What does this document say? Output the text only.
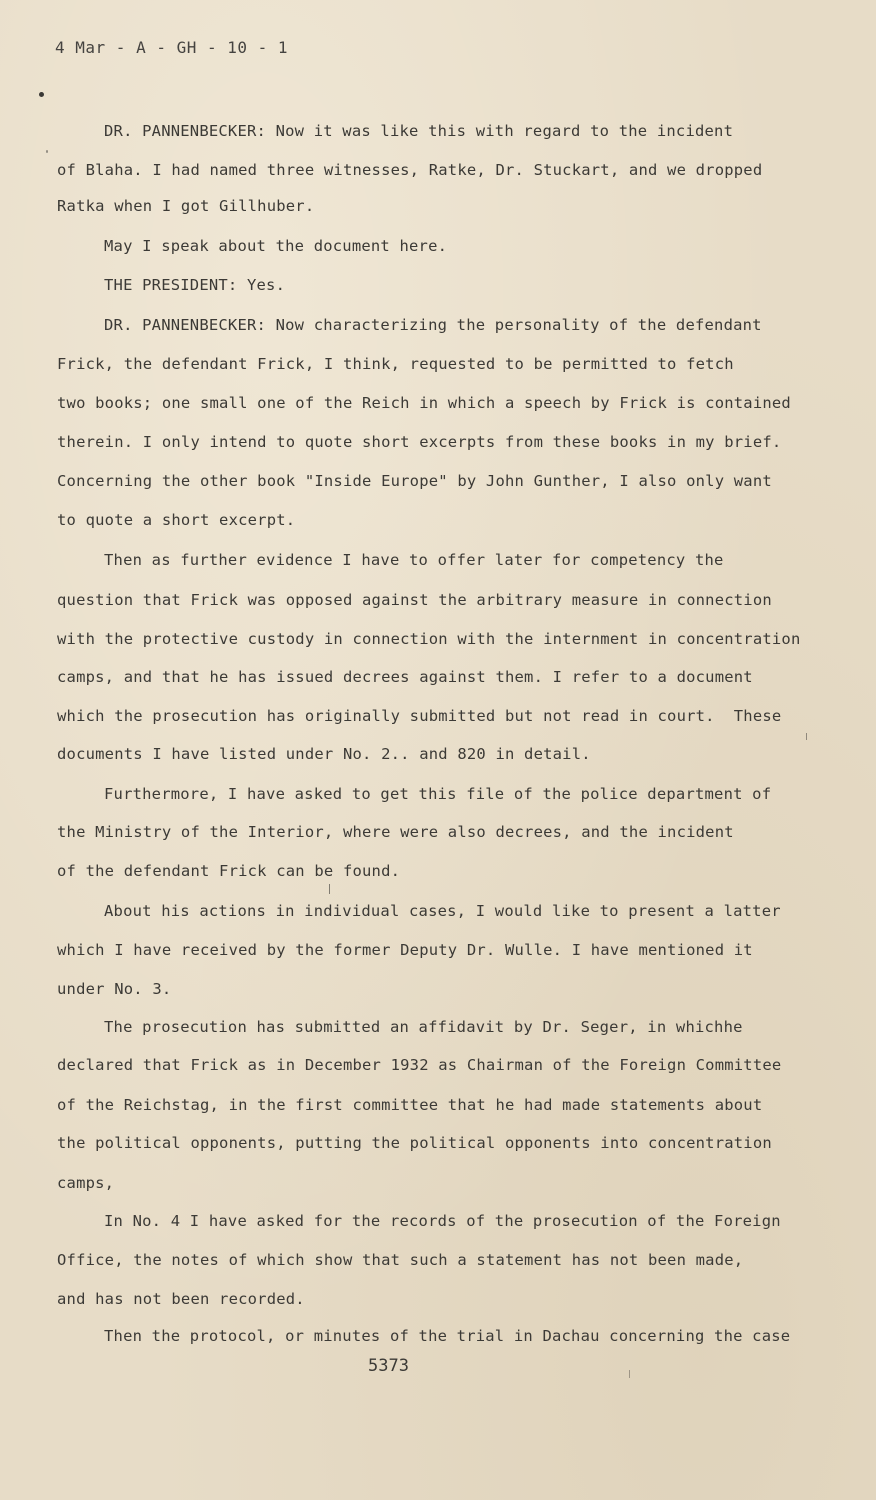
4 Mar - A - GH - 10 - 1
DR. PANNENBECKER: Now it was like this with regard to the incident
of Blaha. I had named three witnesses, Ratke, Dr. Stuckart, and we dropped
Ratka when I got Gillhuber.
May I speak about the document here.
THE PRESIDENT: Yes.
DR. PANNENBECKER: Now characterizing the personality of the defendant
Frick, the defendant Frick, I think, requested to be permitted to fetch
two books; one small one of the Reich in which a speech by Frick is contained
therein. I only intend to quote short excerpts from these books in my brief.
Concerning the other book "Inside Europe" by John Gunther, I also only want
to quote a short excerpt.
Then as further evidence I have to offer later for competency the
question that Frick was opposed against the arbitrary measure in connection
with the protective custody in connection with the internment in concentration
camps, and that he has issued decrees against them. I refer to a document
which the prosecution has originally submitted but not read in court.  These
documents I have listed under No. 2.. and 820 in detail.
Furthermore, I have asked to get this file of the police department of
the Ministry of the Interior, where were also decrees, and the incident
of the defendant Frick can be found.
About his actions in individual cases, I would like to present a latter
which I have received by the former Deputy Dr. Wulle. I have mentioned it
under No. 3.
The prosecution has submitted an affidavit by Dr. Seger, in whichhe
declared that Frick as in December 1932 as Chairman of the Foreign Committee
of the Reichstag, in the first committee that he had made statements about
the political opponents, putting the political opponents into concentration
camps,
In No. 4 I have asked for the records of the prosecution of the Foreign
Office, the notes of which show that such a statement has not been made,
and has not been recorded.
Then the protocol, or minutes of the trial in Dachau concerning the case
5373
